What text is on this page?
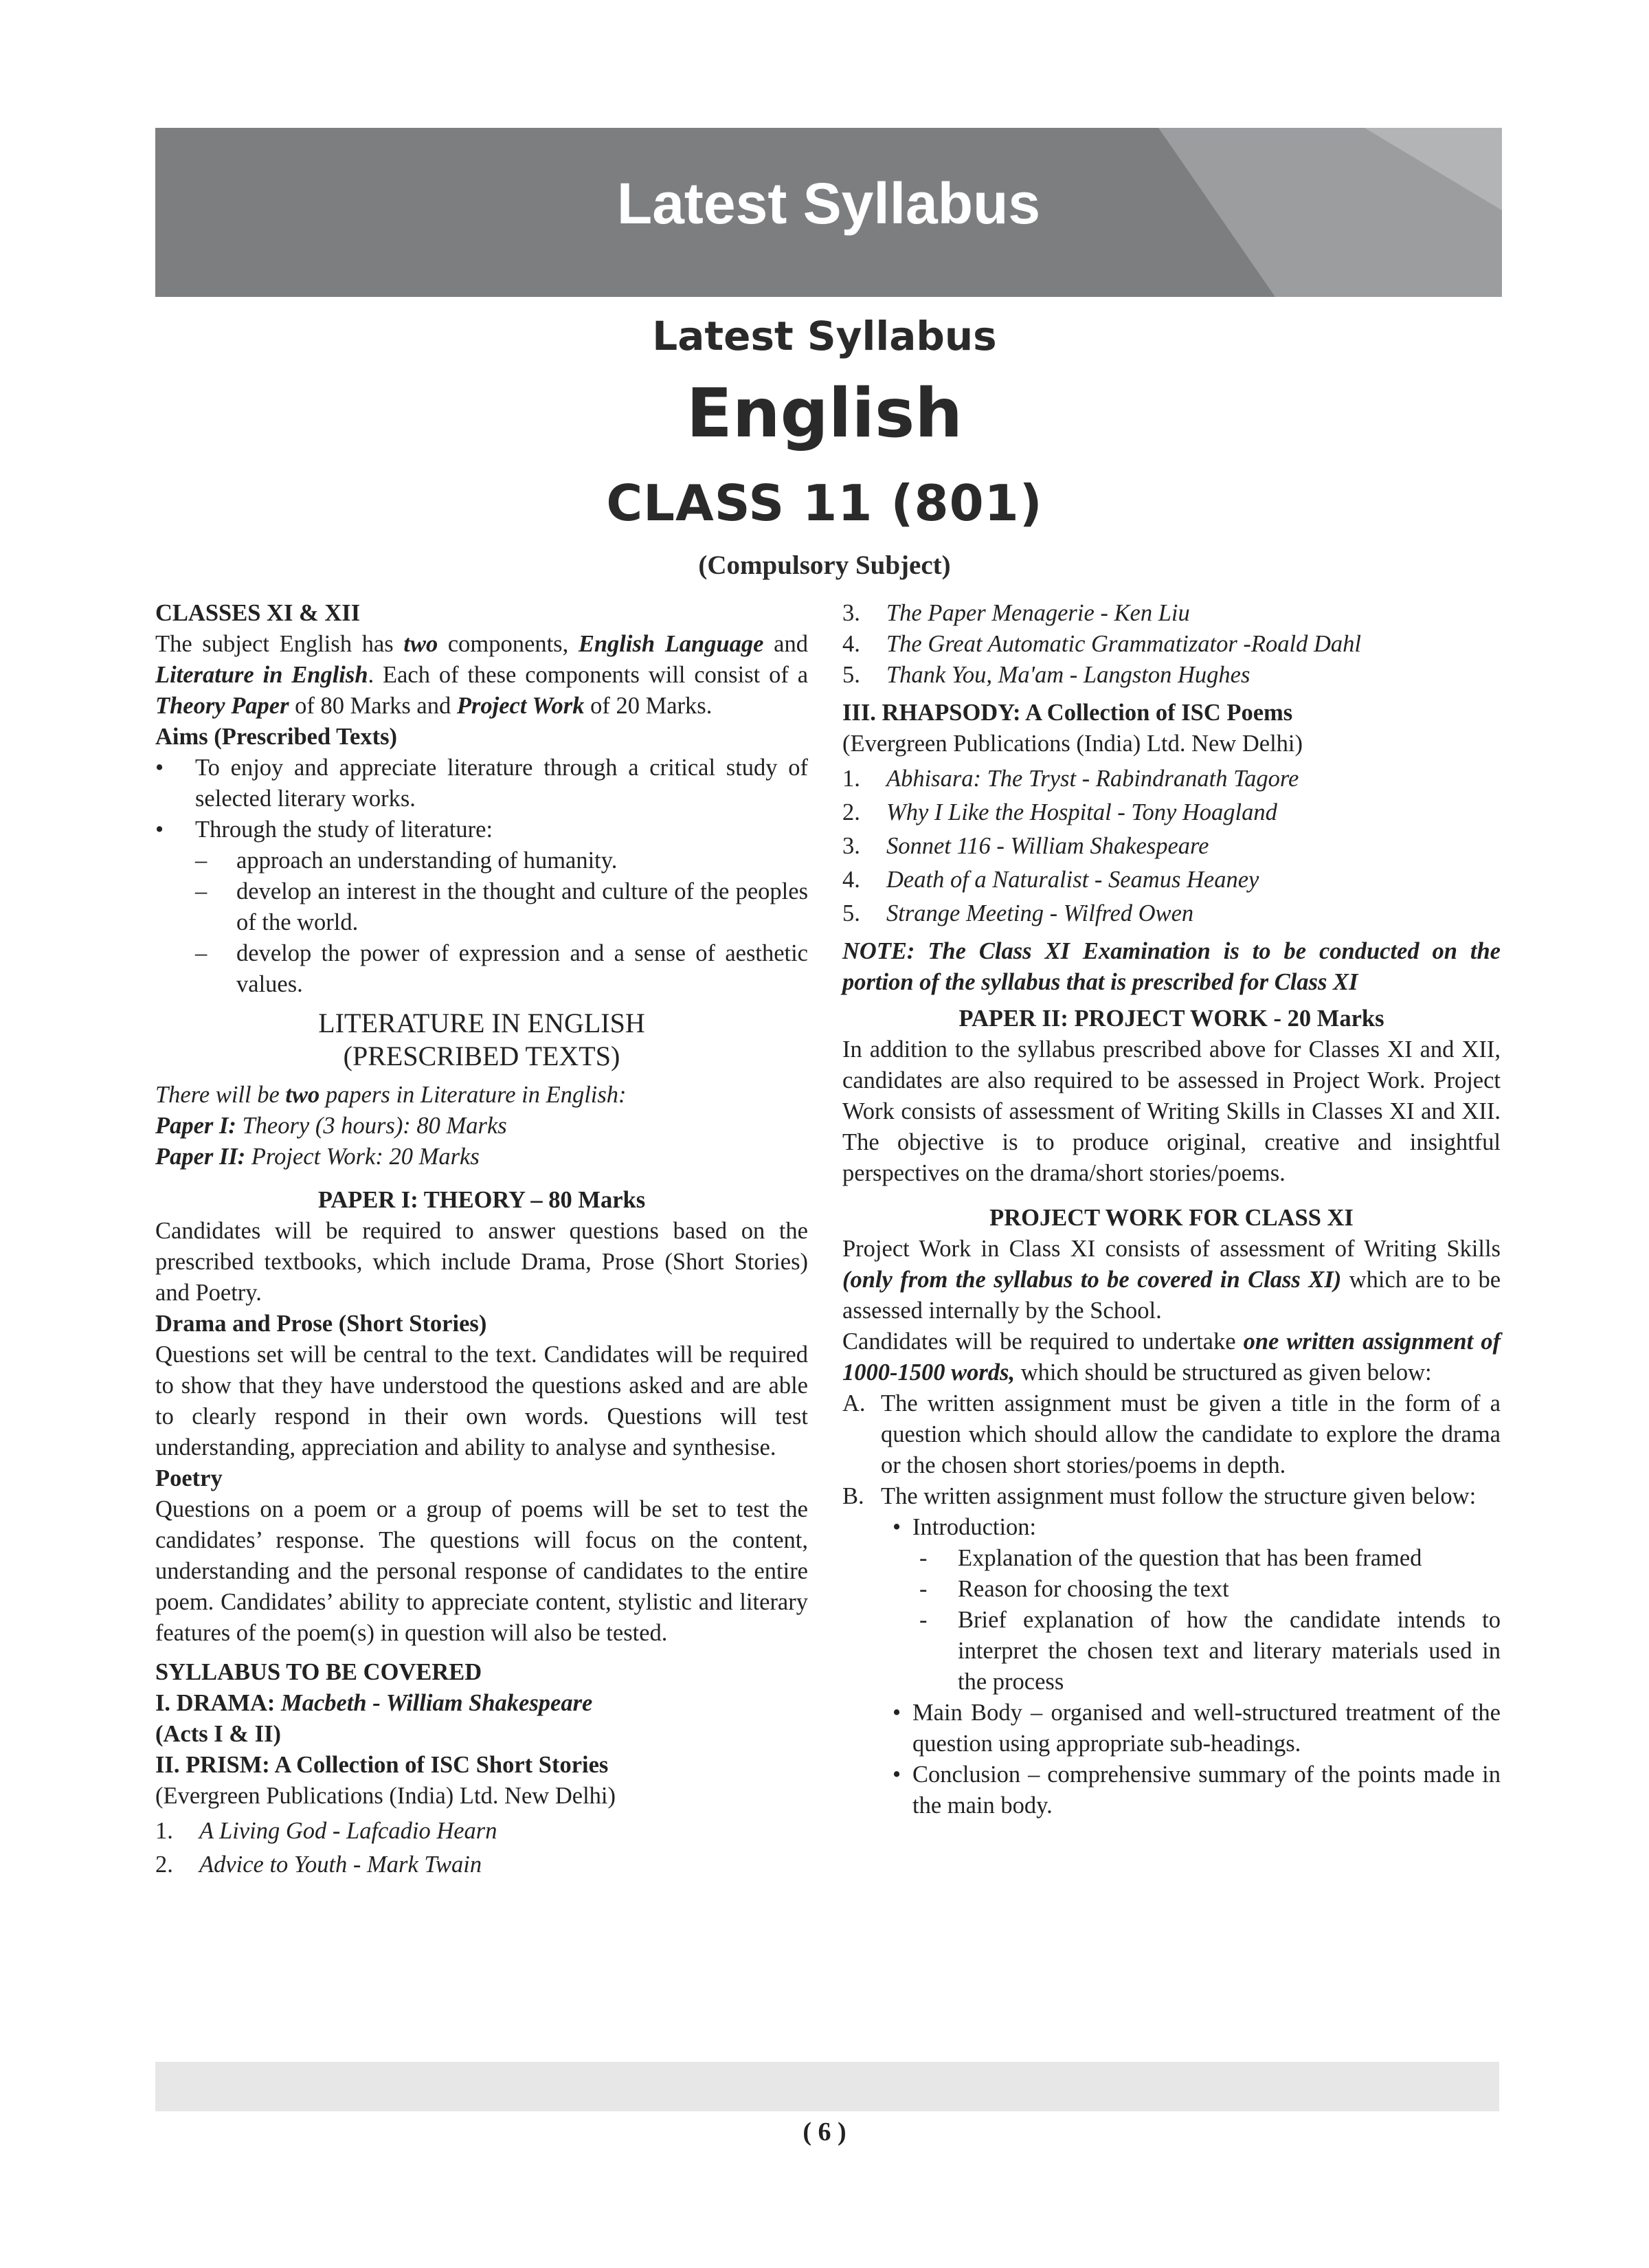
Latest Syllabus
Latest Syllabus
English
CLASS 11 (801)
(Compulsory Subject)

CLASSES XI & XII

The subject English has two components, English Language and Literature in English. Each of these components will consist of a Theory Paper of 80 Marks and Project Work of 20 Marks.

Aims (Prescribed Texts)

•	To enjoy and appreciate literature through a critical study of selected literary works.

•	Through the study of literature:

–	approach an understanding of humanity.

–	develop an interest in the thought and culture of the peoples of the world.

–	develop the power of expression and a sense of aesthetic values.

LITERATURE IN ENGLISH

(PRESCRIBED TEXTS)

There will be two papers in Literature in English:

Paper I: Theory (3 hours): 80 Marks

Paper II: Project Work: 20 Marks

PAPER I: THEORY – 80 Marks

Candidates will be required to answer questions based on the prescribed textbooks, which include Drama, Prose (Short Stories) and Poetry.

Drama and Prose (Short Stories)

Questions set will be central to the text. Candidates will be required to show that they have understood the questions asked and are able to clearly respond in their own words. Questions will test understanding, appreciation and ability to analyse and synthesise.

Poetry

Questions on a poem or a group of poems will be set to test the candidates’ response. The questions will focus on the content, understanding and the personal response of candidates to the entire poem. Candidates’ ability to appreciate content, stylistic and literary features of the poem(s) in question will also be tested.

SYLLABUS TO BE COVERED

I. DRAMA: Macbeth - William Shakespeare

(Acts I & II)

II. PRISM: A Collection of ISC Short Stories

(Evergreen Publications (India) Ltd. New Delhi)

1.	A Living God - Lafcadio Hearn
2.	Advice to Youth - Mark Twain
3.	The Paper Menagerie - Ken Liu
4.	The Great Automatic Grammatizator -Roald Dahl
5.	Thank You, Ma'am - Langston Hughes

III. RHAPSODY: A Collection of ISC Poems

(Evergreen Publications (India) Ltd. New Delhi)

1.	Abhisara: The Tryst - Rabindranath Tagore
2.	Why I Like the Hospital - Tony Hoagland
3.	Sonnet 116 - William Shakespeare
4.	Death of a Naturalist - Seamus Heaney
5.	Strange Meeting - Wilfred Owen

NOTE: The Class XI Examination is to be conducted on the portion of the syllabus that is prescribed for Class XI

PAPER II: PROJECT WORK - 20 Marks

In addition to the syllabus prescribed above for Classes XI and XII, candidates are also required to be assessed in Project Work. Project Work consists of assessment of Writing Skills in Classes XI and XII. The objective is to produce original, creative and insightful perspectives on the drama/short stories/poems.

PROJECT WORK FOR CLASS XI

Project Work in Class XI consists of assessment of Writing Skills (only from the syllabus to be covered in Class XI) which are to be assessed internally by the School.

Candidates will be required to undertake one written assignment of 1000-1500 words, which should be structured as given below:

A. The written assignment must be given a title in the form of a question which should allow the candidate to explore the drama or the chosen short stories/poems in depth.

B. The written assignment must follow the structure given below:

• Introduction:

-	Explanation of the question that has been framed

-	Reason for choosing the text

-	Brief explanation of how the candidate intends to interpret the chosen text and literary materials used in the process

• Main Body – organised and well-structured treatment of the question using appropriate sub-headings.

• Conclusion – comprehensive summary of the points made in the main body.

( 6 )
